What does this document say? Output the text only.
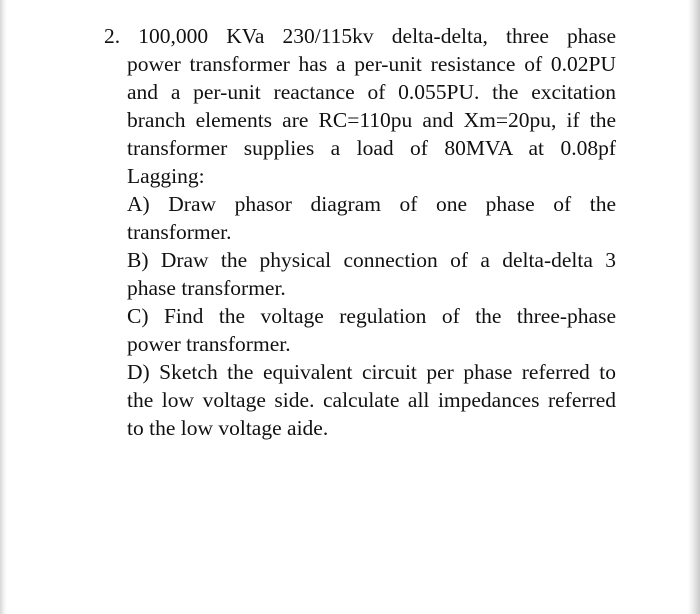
2. 100,000 KVa 230/115kv delta-delta, three phase
power transformer has a per-unit resistance of 0.02PU
and a per-unit reactance of 0.055PU. the excitation
branch elements are RC=110pu and Xm=20pu, if the
transformer supplies a load of 80MVA at 0.08pf
Lagging:
A) Draw phasor diagram of one phase of the
transformer.
B) Draw the physical connection of a delta-delta 3
phase transformer.
C) Find the voltage regulation of the three-phase
power transformer.
D) Sketch the equivalent circuit per phase referred to
the low voltage side. calculate all impedances referred
to the low voltage aide.
